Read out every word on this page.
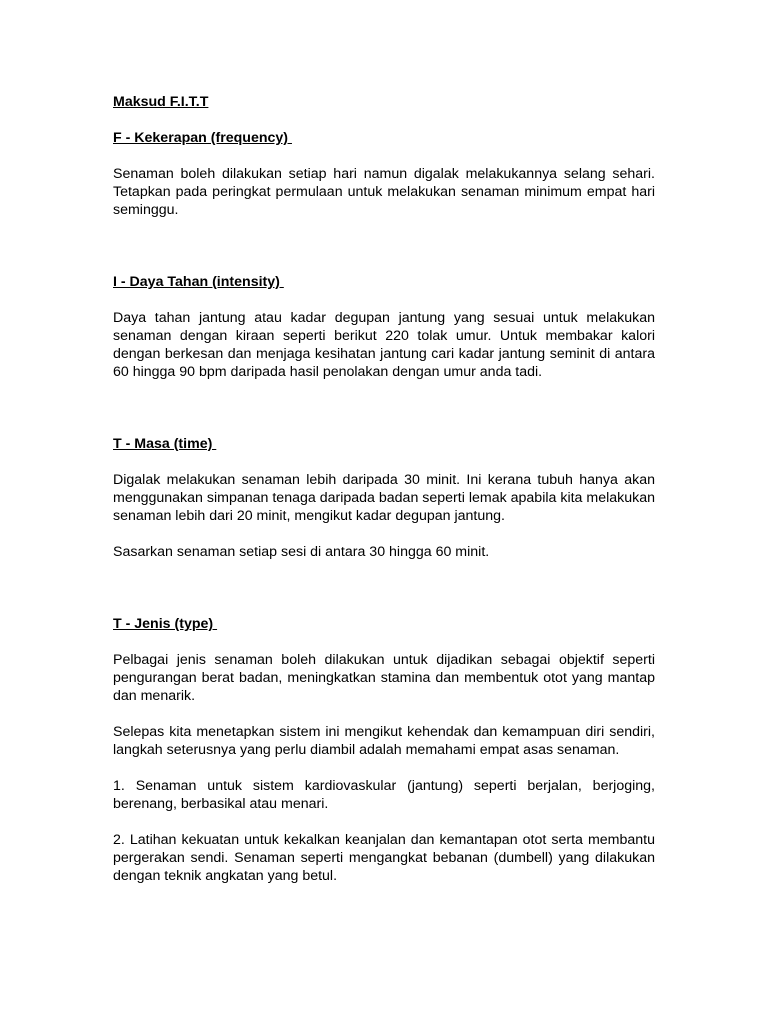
Maksud F.I.T.T

F - Kekerapan (frequency)

Senaman boleh dilakukan setiap hari namun digalak melakukannya selang sehari. Tetapkan pada peringkat permulaan untuk melakukan senaman minimum empat hari seminggu.

I - Daya Tahan (intensity)

Daya tahan jantung atau kadar degupan jantung yang sesuai untuk melakukan senaman dengan kiraan seperti berikut 220 tolak umur. Untuk membakar kalori dengan berkesan dan menjaga kesihatan jantung cari kadar jantung seminit di antara 60 hingga 90 bpm daripada hasil penolakan dengan umur anda tadi.

T - Masa (time)

Digalak melakukan senaman lebih daripada 30 minit. Ini kerana tubuh hanya akan menggunakan simpanan tenaga daripada badan seperti lemak apabila kita melakukan senaman lebih dari 20 minit, mengikut kadar degupan jantung.

Sasarkan senaman setiap sesi di antara 30 hingga 60 minit.

T - Jenis (type)

Pelbagai jenis senaman boleh dilakukan untuk dijadikan sebagai objektif seperti pengurangan berat badan, meningkatkan stamina dan membentuk otot yang mantap dan menarik.

Selepas kita menetapkan sistem ini mengikut kehendak dan kemampuan diri sendiri, langkah seterusnya yang perlu diambil adalah memahami empat asas senaman.

1. Senaman untuk sistem kardiovaskular (jantung) seperti berjalan, berjoging, berenang, berbasikal atau menari.

2. Latihan kekuatan untuk kekalkan keanjalan dan kemantapan otot serta membantu pergerakan sendi. Senaman seperti mengangkat bebanan (dumbell) yang dilakukan dengan teknik angkatan yang betul.
